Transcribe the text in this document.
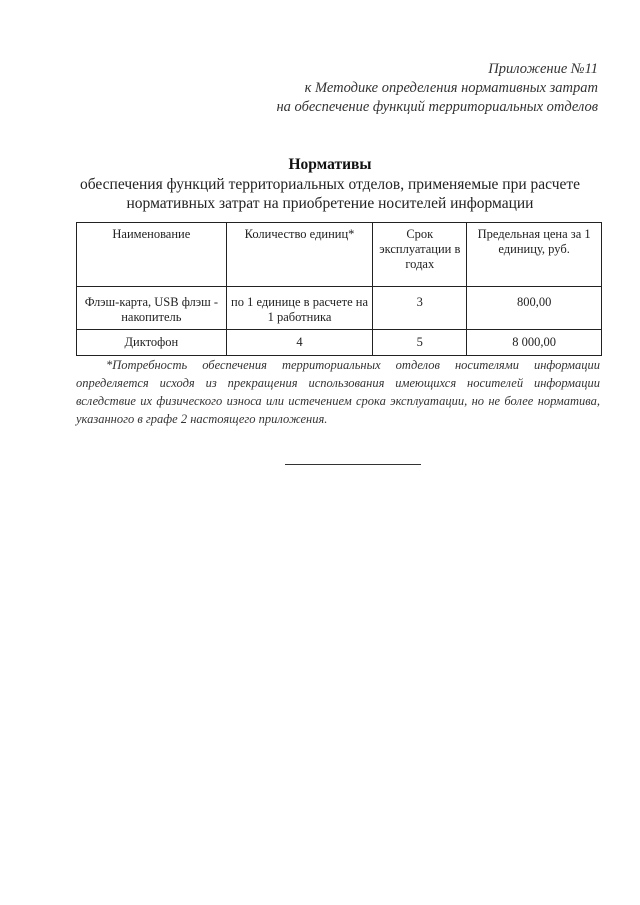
Приложение №11
к Методике определения нормативных затрат
на обеспечение функций территориальных отделов
Нормативы
обеспечения функций территориальных отделов, применяемые при расчете
нормативных затрат на приобретение носителей информации
Наименование	Количество единиц*	Срок эксплуатации в годах	Предельная цена за 1 единицу, руб.
Флэш-карта, USB флэш - накопитель	по 1 единице в расчете на 1 работника	3	800,00
Диктофон	4	5	8 000,00
*Потребность обеспечения территориальных отделов носителями информации определяется исходя из прекращения использования имеющихся носителей информации вследствие их физического износа или истечением срока эксплуатации, но не более норматива, указанного в графе 2 настоящего приложения.
